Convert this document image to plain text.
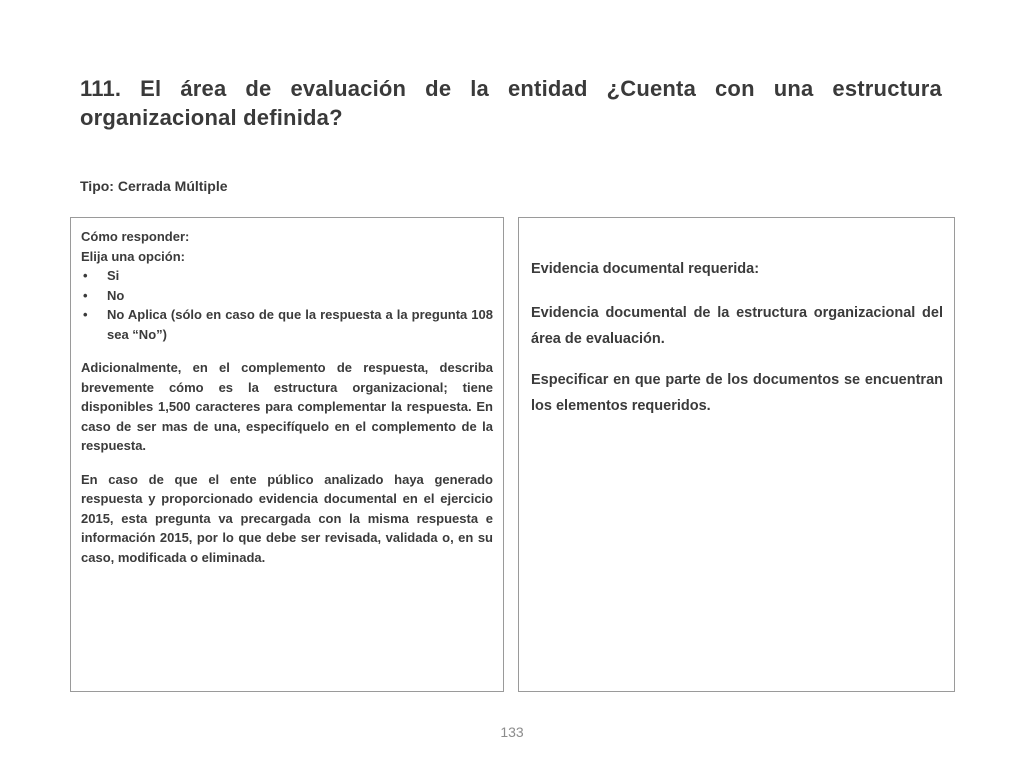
111. El área de evaluación de la entidad ¿Cuenta con una estructura organizacional definida?

Tipo: Cerrada Múltiple

Cómo responder:

Elija una opción:

• Si
• No
• No Aplica (sólo en caso de que la respuesta a la pregunta 108 sea “No”)

Adicionalmente, en el complemento de respuesta, describa brevemente cómo es la estructura organizacional; tiene disponibles 1,500 caracteres para complementar la respuesta. En caso de ser mas de una, especifíquelo en el complemento de la respuesta.

En caso de que el ente público analizado haya generado respuesta y proporcionado evidencia documental en el ejercicio 2015, esta pregunta va precargada con la misma respuesta e información 2015, por lo que debe ser revisada, validada o, en su caso, modificada o eliminada.

Evidencia documental requerida:

Evidencia documental de la estructura organizacional del área de evaluación.

Especificar en que parte de los documentos se encuentran los elementos requeridos.

133
